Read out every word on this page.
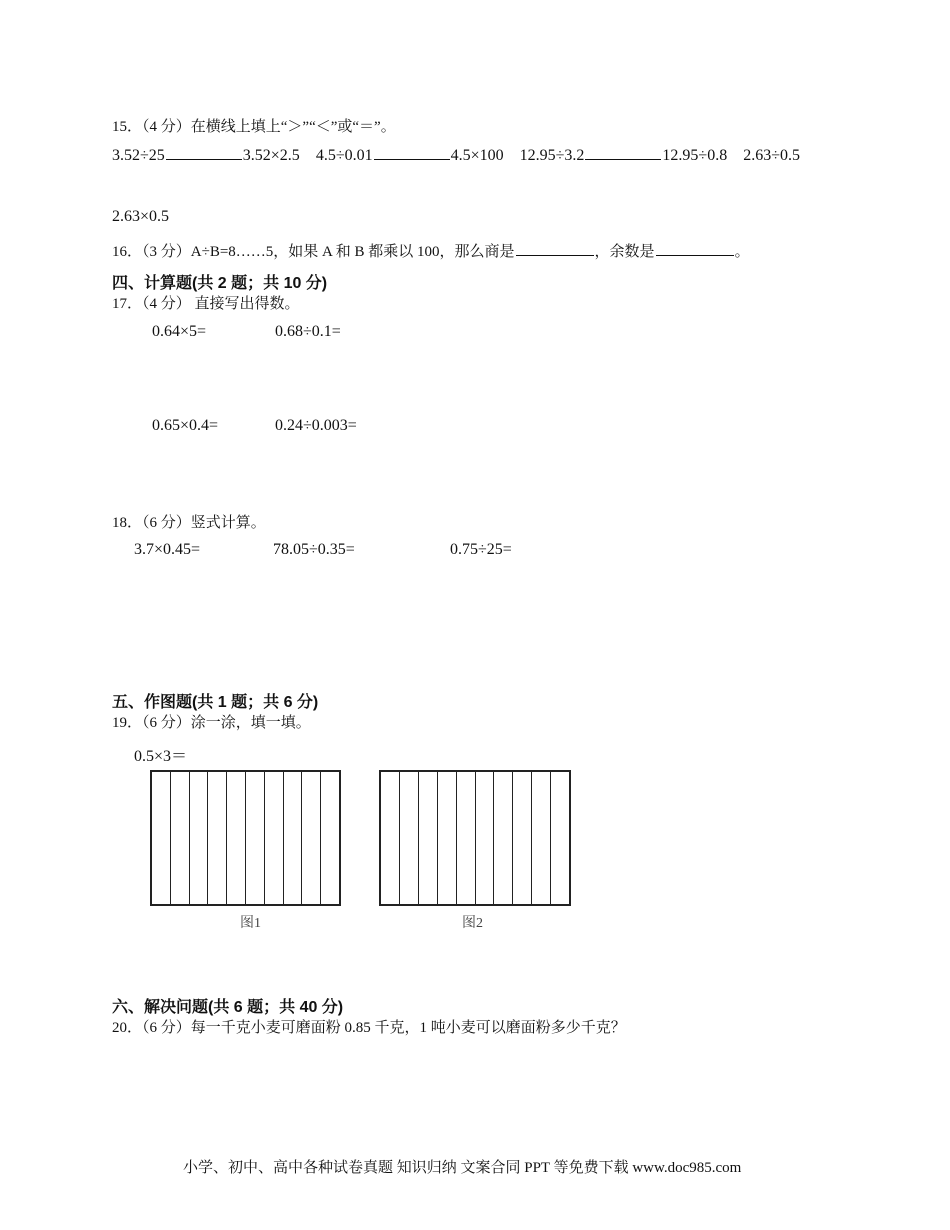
15．（4 分）在横线上填上“＞”“＜”或“＝”。
3.52÷25	3.52×2.5 4.5÷0.01	4.5×100 12.95÷3.2	12.95÷0.8 2.63÷0.5
2.63×0.5
16．（3 分）A÷B=8……5，如果 A 和 B 都乘以 100，那么商是	，余数是	。
四、计算题(共 2 题；共 10 分)
17．（4 分） 直接写出得数。
0.64×5=	0.68÷0.1=
0.65×0.4=	0.24÷0.003=
18．（6 分）竖式计算。
3.7×0.45=	78.05÷0.35=	0.75÷25=
五、作图题(共 1 题；共 6 分)
19．（6 分）涂一涂，填一填。
0.5×3＝
图1	图2
六、解决问题(共 6 题；共 40 分)
20．（6 分）每一千克小麦可磨面粉 0.85 千克，1 吨小麦可以磨面粉多少千克？
小学、初中、高中各种试卷真题 知识归纳 文案合同 PPT 等免费下载 www.doc985.com
